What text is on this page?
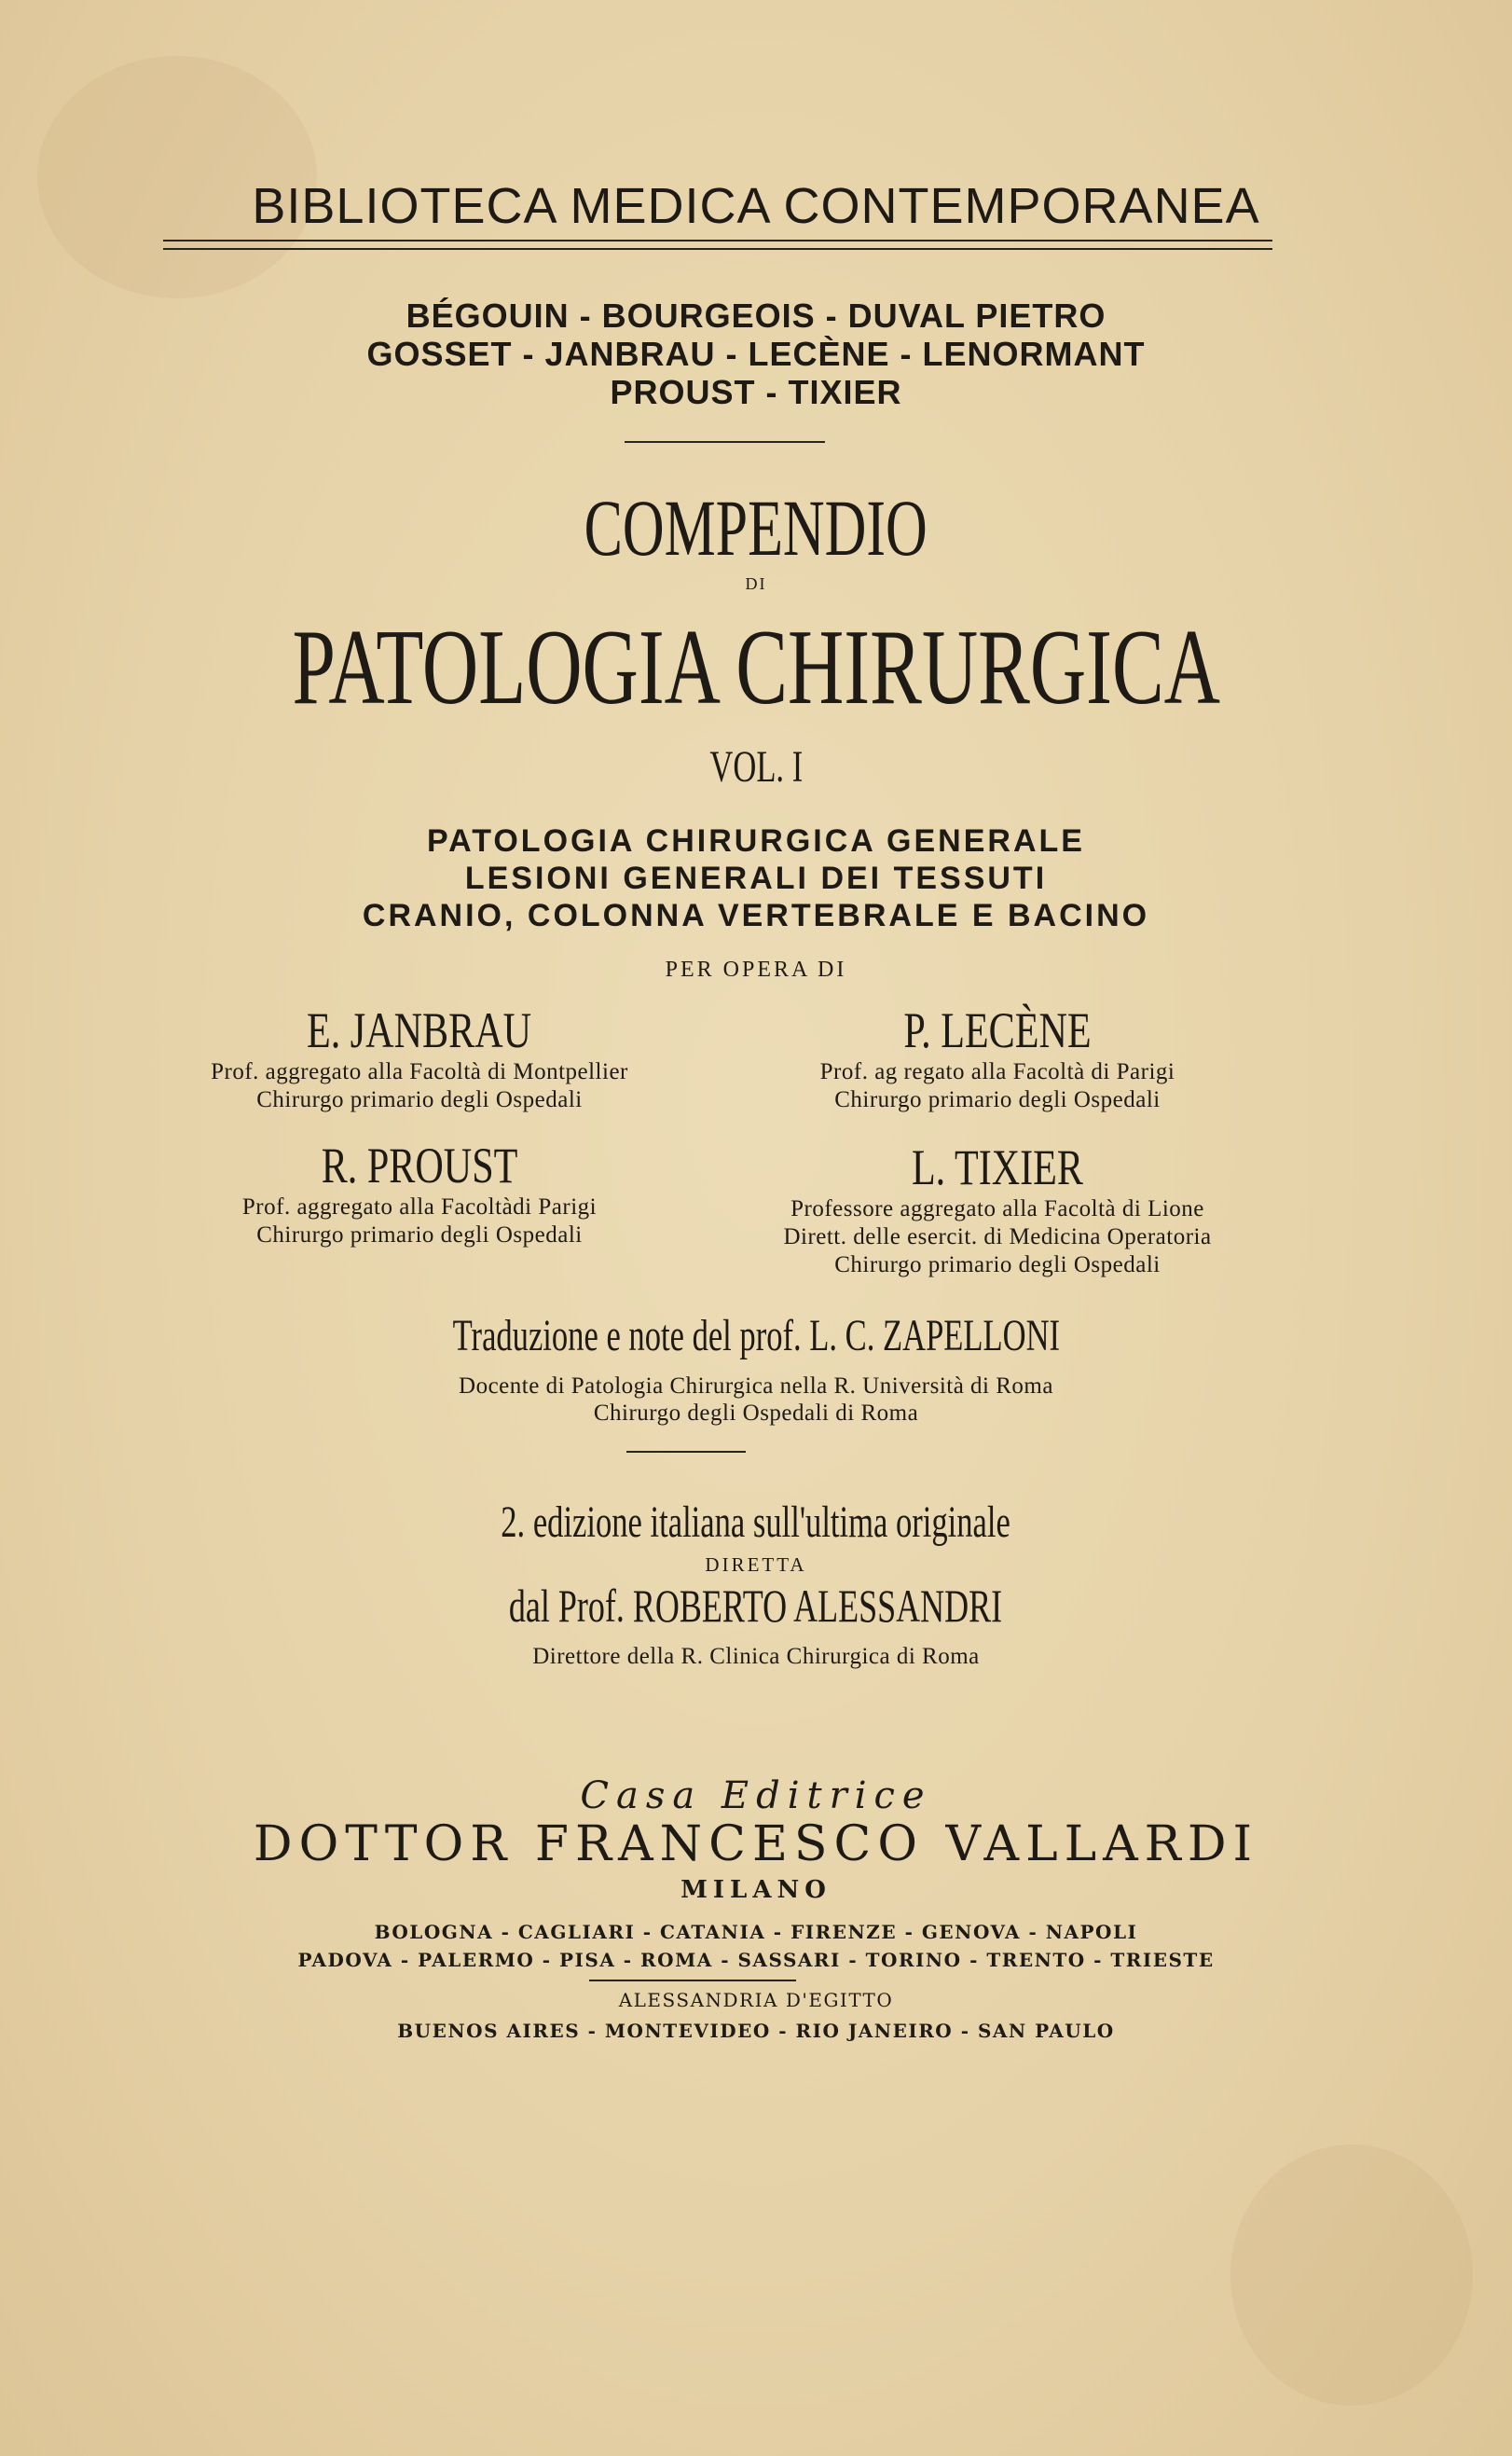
BIBLIOTECA MEDICA CONTEMPORANEA
BÉGOUIN - BOURGEOIS - DUVAL PIETRO
GOSSET - JANBRAU - LECÈNE - LENORMANT
PROUST - TIXIER
COMPENDIO
DI
PATOLOGIA CHIRURGICA
VOL. I
PATOLOGIA CHIRURGICA GENERALE
LESIONI GENERALI DEI TESSUTI
CRANIO, COLONNA VERTEBRALE E BACINO
PER OPERA DI
E. JANBRAU
Prof. aggregato alla Facoltà di Montpellier
Chirurgo primario degli Ospedali
P. LECÈNE
Prof. ag regato alla Facoltà di Parigi
Chirurgo primario degli Ospedali
R. PROUST
Prof. aggregato alla Facoltàdi Parigi
Chirurgo primario degli Ospedali
L. TIXIER
Professore aggregato alla Facoltà di Lione
Dirett. delle esercit. di Medicina Operatoria
Chirurgo primario degli Ospedali
Traduzione e note del prof. L. C. ZAPELLONI
Docente di Patologia Chirurgica nella R. Università di Roma
Chirurgo degli Ospedali di Roma
2. edizione italiana sull'ultima originale
DIRETTA
dal Prof. ROBERTO ALESSANDRI
Direttore della R. Clinica Chirurgica di Roma
Casa Editrice
DOTTOR FRANCESCO VALLARDI
MILANO
BOLOGNA - CAGLIARI - CATANIA - FIRENZE - GENOVA - NAPOLI
PADOVA - PALERMO - PISA - ROMA - SASSARI - TORINO - TRENTO - TRIESTE
ALESSANDRIA D'EGITTO
BUENOS AIRES - MONTEVIDEO - RIO JANEIRO - SAN PAULO
